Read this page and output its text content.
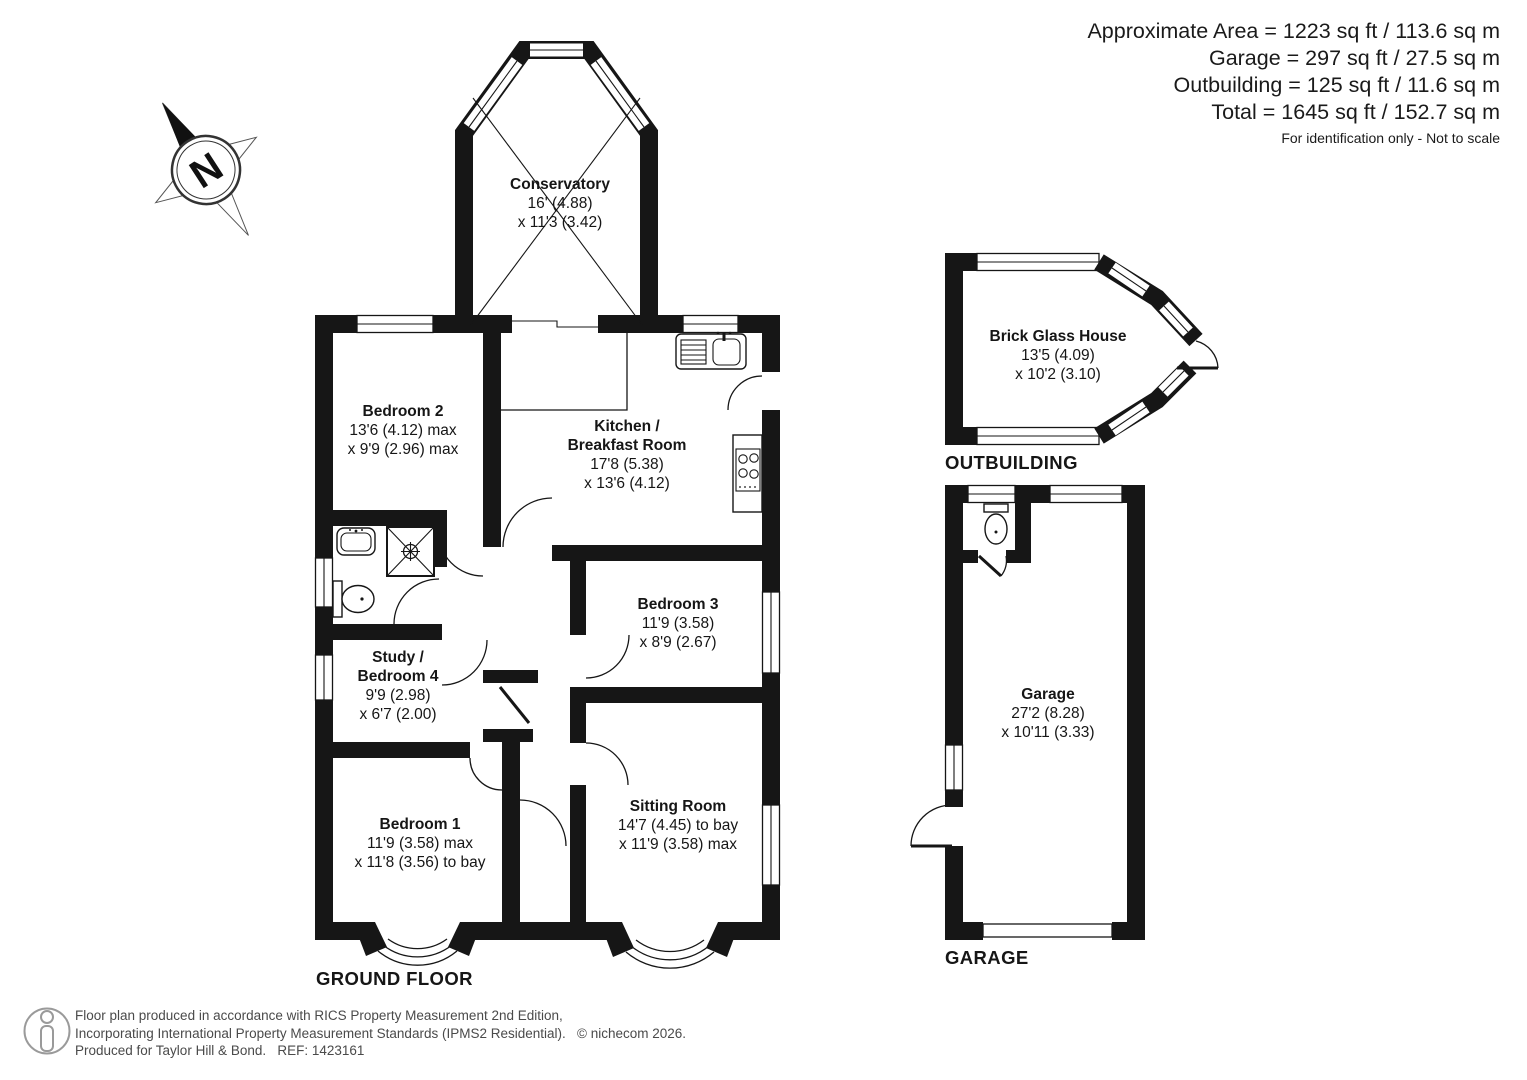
N
Approximate Area = 1223 sq ft / 113.6 sq m
Garage = 297 sq ft / 27.5 sq m
Outbuilding = 125 sq ft / 11.6 sq m
Total = 1645 sq ft / 152.7 sq m
For identification only - Not to scale
Conservatory
16' (4.88)
x 11'3 (3.42)
Bedroom 2
13'6 (4.12) max
x 9'9 (2.96) max
Kitchen /
Breakfast Room
17'8 (5.38)
x 13'6 (4.12)
Bedroom 3
11'9 (3.58)
x 8'9 (2.67)
Study /
Bedroom 4
9'9 (2.98)
x 6'7 (2.00)
Bedroom 1
11'9 (3.58) max
x 11'8 (3.56) to bay
Sitting Room
14'7 (4.45) to bay
x 11'9 (3.58) max
Brick Glass House
13'5 (4.09)
x 10'2 (3.10)
Garage
27'2 (8.28)
x 10'11 (3.33)
GROUND FLOOR
OUTBUILDING
GARAGE
Floor plan produced in accordance with RICS Property Measurement 2nd Edition,
Incorporating International Property Measurement Standards (IPMS2 Residential).   © nichecom 2026.
Produced for Taylor Hill & Bond.   REF: 1423161
